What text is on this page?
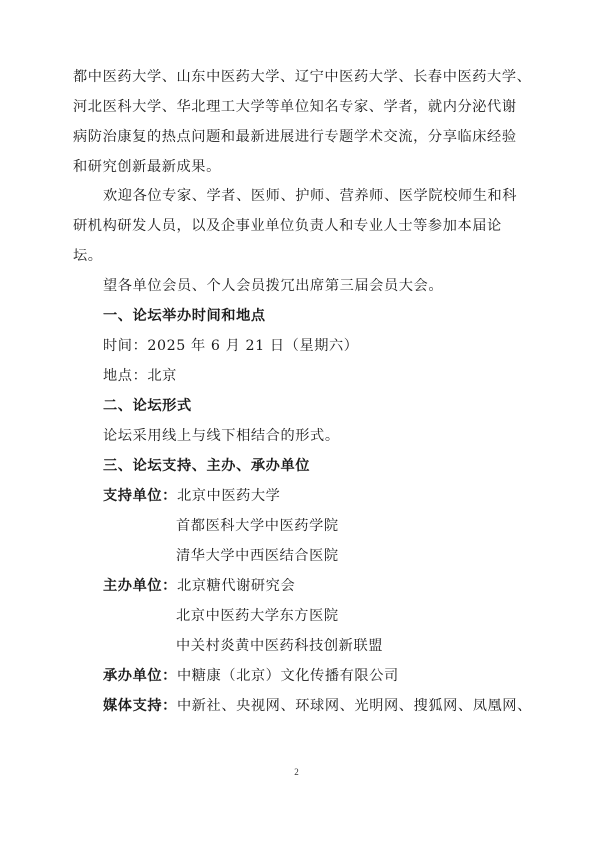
都中医药大学、山东中医药大学、辽宁中医药大学、长春中医药大学、
河北医科大学、华北理工大学等单位知名专家、学者，就内分泌代谢
病防治康复的热点问题和最新进展进行专题学术交流，分享临床经验
和研究创新最新成果。
欢迎各位专家、学者、医师、护师、营养师、医学院校师生和科
研机构研发人员，以及企事业单位负责人和专业人士等参加本届论
坛。
望各单位会员、个人会员拨冗出席第三届会员大会。
一、论坛举办时间和地点
时间：2025 年 6 月 21 日（星期六）
地点：北京
二、论坛形式
论坛采用线上与线下相结合的形式。
三、论坛支持、主办、承办单位
支持单位：北京中医药大学
首都医科大学中医药学院
清华大学中西医结合医院
主办单位：北京糖代谢研究会
北京中医药大学东方医院
中关村炎黄中医药科技创新联盟
承办单位：中糖康（北京）文化传播有限公司
媒体支持：中新社、央视网、环球网、光明网、搜狐网、凤凰网、
2
